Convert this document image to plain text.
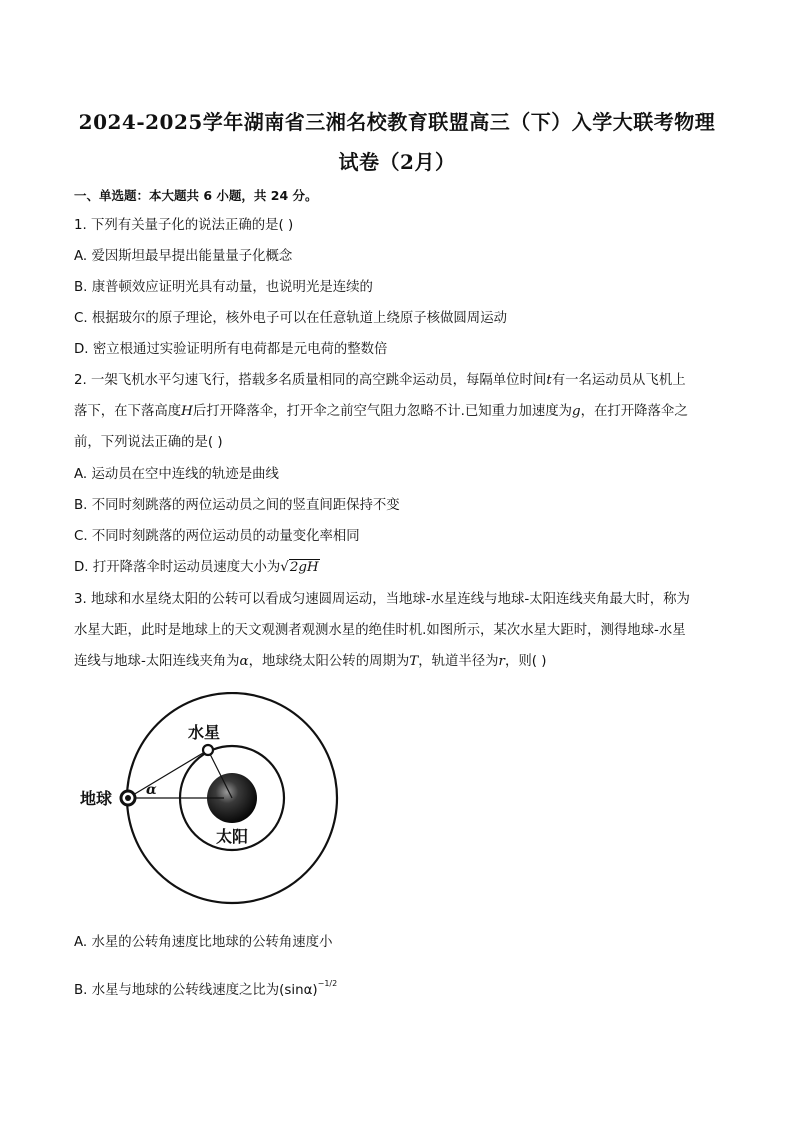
2024-2025学年湖南省三湘名校教育联盟高三（下）入学大联考物理
试卷（2月）
一、单选题：本大题共 6 小题，共 24 分。
1. 下列有关量子化的说法正确的是( )
A. 爱因斯坦最早提出能量量子化概念
B. 康普顿效应证明光具有动量，也说明光是连续的
C. 根据玻尔的原子理论，核外电子可以在任意轨道上绕原子核做圆周运动
D. 密立根通过实验证明所有电荷都是元电荷的整数倍
2. 一架飞机水平匀速飞行，搭载多名质量相同的高空跳伞运动员，每隔单位时间t有一名运动员从飞机上
落下，在下落高度H后打开降落伞，打开伞之前空气阻力忽略不计.已知重力加速度为g，在打开降落伞之
前，下列说法正确的是( )
A. 运动员在空中连线的轨迹是曲线
B. 不同时刻跳落的两位运动员之间的竖直间距保持不变
C. 不同时刻跳落的两位运动员的动量变化率相同
D. 打开降落伞时运动员速度大小为√2gH
3. 地球和水星绕太阳的公转可以看成匀速圆周运动，当地球-水星连线与地球-太阳连线夹角最大时，称为
水星大距，此时是地球上的天文观测者观测水星的绝佳时机.如图所示，某次水星大距时，测得地球-水星
连线与地球-太阳连线夹角为α，地球绕太阳公转的周期为T，轨道半径为r，则( )
水星
地球
太阳
α
A. 水星的公转角速度比地球的公转角速度小
B. 水星与地球的公转线速度之比为$(\sin\alpha)^{-1/2}$
